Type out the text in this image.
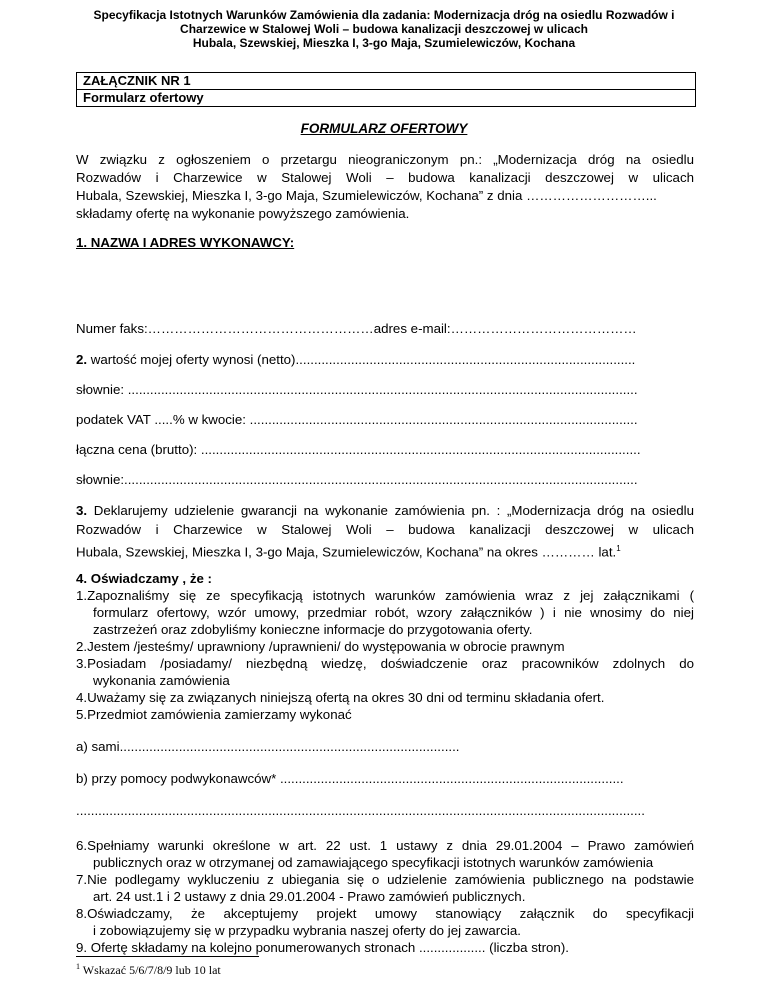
Specyfikacja Istotnych Warunków Zamówienia dla zadania: Modernizacja dróg na osiedlu Rozwadów i
Charzewice w Stalowej Woli – budowa kanalizacji deszczowej w ulicach
Hubala, Szewskiej, Mieszka I, 3-go Maja, Szumielewiczów, Kochana
ZAŁĄCZNIK NR 1
Formularz ofertowy
FORMULARZ OFERTOWY
W związku z ogłoszeniem o przetargu nieograniczonym pn.: „Modernizacja dróg na osiedlu
Rozwadów i Charzewice w Stalowej Woli – budowa kanalizacji deszczowej w ulicach
Hubala, Szewskiej, Mieszka I, 3-go Maja, Szumielewiczów, Kochana” z dnia ………………………...
składamy ofertę na wykonanie powyższego zamówienia.
1. NAZWA I ADRES WYKONAWCY:
Numer faks:……………………………………………adres e-mail:……………………………………
2. wartość mojej oferty wynosi (netto)............................................................................................
słownie: ..........................................................................................................................................
podatek VAT .....% w kwocie: .........................................................................................................
łączna cena (brutto): .......................................................................................................................
słownie:...........................................................................................................................................
3. Deklarujemy udzielenie gwarancji na wykonanie zamówienia pn. : „Modernizacja dróg na osiedlu
Rozwadów i Charzewice w Stalowej Woli – budowa kanalizacji deszczowej w ulicach
Hubala, Szewskiej, Mieszka I, 3-go Maja, Szumielewiczów, Kochana” na okres ………… lat.$^1$
4. Oświadczamy , że :
1.Zapoznaliśmy się ze specyfikacją istotnych warunków zamówienia wraz z jej załącznikami (
formularz ofertowy, wzór umowy, przedmiar robót, wzory załączników ) i nie wnosimy do niej
zastrzeżeń oraz zdobyliśmy konieczne informacje do przygotowania oferty.
2.Jestem /jesteśmy/ uprawniony /uprawnieni/ do występowania w obrocie prawnym
3.Posiadam /posiadamy/ niezbędną wiedzę, doświadczenie oraz pracowników zdolnych do
wykonania zamówienia
4.Uważamy się za związanych niniejszą ofertą na okres 30 dni od terminu składania ofert.
5.Przedmiot zamówienia zamierzamy wykonać
a) sami............................................................................................
b) przy pomocy podwykonawców* .............................................................................................
..........................................................................................................................................................
6.Spełniamy warunki określone w art. 22 ust. 1 ustawy z dnia 29.01.2004 – Prawo zamówień
publicznych oraz w otrzymanej od zamawiającego specyfikacji istotnych warunków zamówienia
7.Nie podlegamy wykluczeniu z ubiegania się o udzielenie zamówienia publicznego na podstawie
art. 24 ust.1 i 2 ustawy z dnia 29.01.2004 - Prawo zamówień publicznych.
8.Oświadczamy, że akceptujemy projekt umowy stanowiący załącznik do specyfikacji
i zobowiązujemy się w przypadku wybrania naszej oferty do jej zawarcia.
9. Ofertę składamy na kolejno ponumerowanych stronach .................. (liczba stron).
$^1$ Wskazać 5/6/7/8/9 lub 10 lat
